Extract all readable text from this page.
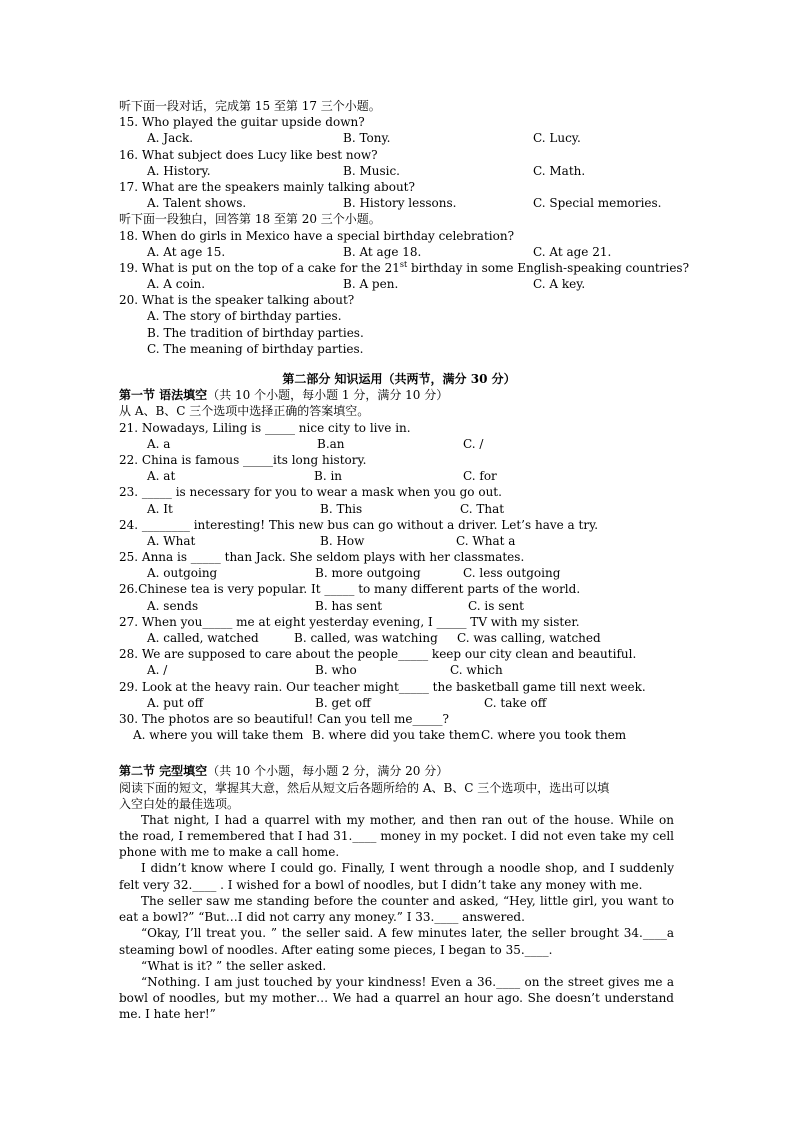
听下面一段对话，完成第 15 至第 17 三个小题。
15. Who played the guitar upside down?
A. Jack.	B. Tony.	C. Lucy.
16. What subject does Lucy like best now?
A. History.	B. Music.	C. Math.
17. What are the speakers mainly talking about?
A. Talent shows.	B. History lessons.	C. Special memories.
听下面一段独白，回答第 18 至第 20 三个小题。
18. When do girls in Mexico have a special birthday celebration?
A. At age 15.	B. At age 18.	C. At age 21.
19. What is put on the top of a cake for the 21st birthday in some English-speaking countries?
A. A coin.	B. A pen.	C. A key.
20. What is the speaker talking about?
A. The story of birthday parties.
B. The tradition of birthday parties.
C. The meaning of birthday parties.
第二部分 知识运用（共两节，满分 30 分）
第一节 语法填空（共 10 个小题，每小题 1 分，满分 10 分）
从 A、B、C 三个选项中选择正确的答案填空。
21. Nowadays, Liling is _____ nice city to live in.
A. a	B.an	C. /
22. China is famous _____its long history.
A. at	B. in	C. for
23. _____ is necessary for you to wear a mask when you go out.
A. It	B. This	C. That
24. ________ interesting! This new bus can go without a driver. Let’s have a try.
A. What	B. How	C. What a
25. Anna is _____ than Jack. She seldom plays with her classmates.
A. outgoing	B. more outgoing	C. less outgoing
26.Chinese tea is very popular. It _____ to many different parts of the world.
A. sends	B. has sent	C. is sent
27. When you_____ me at eight yesterday evening, I _____ TV with my sister.
A. called, watched	B. called, was watching C. was calling, watched
28. We are supposed to care about the people_____ keep our city clean and beautiful.
A. /	B. who	C. which
29. Look at the heavy rain. Our teacher might_____ the basketball game till next week.
A. put off	B. get off	C. take off
30. The photos are so beautiful! Can you tell me_____?
A. where you will take them B. where did you take them C. where you took them
第二节 完型填空（共 10 个小题，每小题 2 分，满分 20 分）
阅读下面的短文，掌握其大意，然后从短文后各题所给的 A、B、C 三个选项中，选出可以填
入空白处的最佳选项。
That night, I had a quarrel with my mother, and then ran out of the house. While on the road, I remembered that I had 31.____ money in my pocket. I did not even take my cell phone with me to make a call home.
I didn’t know where I could go. Finally, I went through a noodle shop, and I suddenly felt very 32.____ . I wished for a bowl of noodles, but I didn’t take any money with me.
The seller saw me standing before the counter and asked, “Hey, little girl, you want to eat a bowl?” “But…I did not carry any money.” I 33.____ answered.
“Okay, I’ll treat you. ” the seller said. A few minutes later, the seller brought 34.____a steaming bowl of noodles. After eating some pieces, I began to 35.____.
“What is it? ” the seller asked.
“Nothing. I am just touched by your kindness! Even a 36.____ on the street gives me a bowl of noodles, but my mother… We had a quarrel an hour ago. She doesn’t understand me. I hate her!”
